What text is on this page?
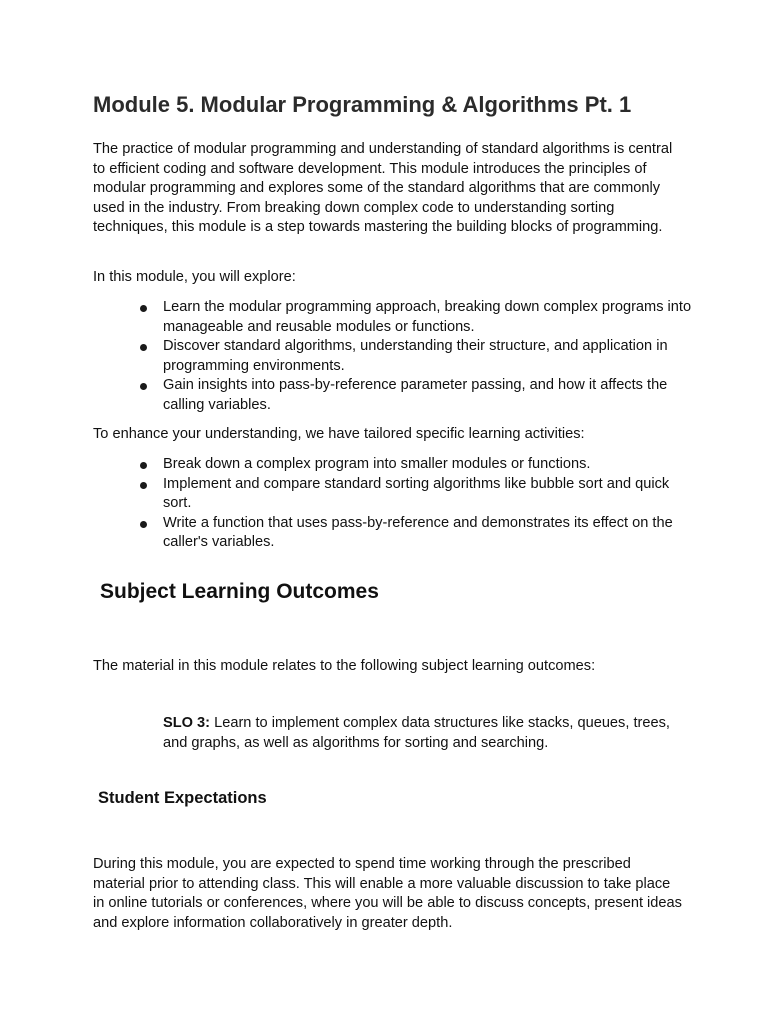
Module 5. Modular Programming & Algorithms Pt. 1

The practice of modular programming and understanding of standard algorithms is central to efficient coding and software development. This module introduces the principles of modular programming and explores some of the standard algorithms that are commonly used in the industry. From breaking down complex code to understanding sorting techniques, this module is a step towards mastering the building blocks of programming.

In this module, you will explore:

Learn the modular programming approach, breaking down complex programs into manageable and reusable modules or functions.
Discover standard algorithms, understanding their structure, and application in programming environments.
Gain insights into pass-by-reference parameter passing, and how it affects the calling variables.

To enhance your understanding, we have tailored specific learning activities:

Break down a complex program into smaller modules or functions.
Implement and compare standard sorting algorithms like bubble sort and quick sort.
Write a function that uses pass-by-reference and demonstrates its effect on the caller's variables.
Subject Learning Outcomes

The material in this module relates to the following subject learning outcomes:

SLO 3: Learn to implement complex data structures like stacks, queues, trees, and graphs, as well as algorithms for sorting and searching.

Student Expectations

During this module, you are expected to spend time working through the prescribed material prior to attending class. This will enable a more valuable discussion to take place in online tutorials or conferences, where you will be able to discuss concepts, present ideas and explore information collaboratively in greater depth.
